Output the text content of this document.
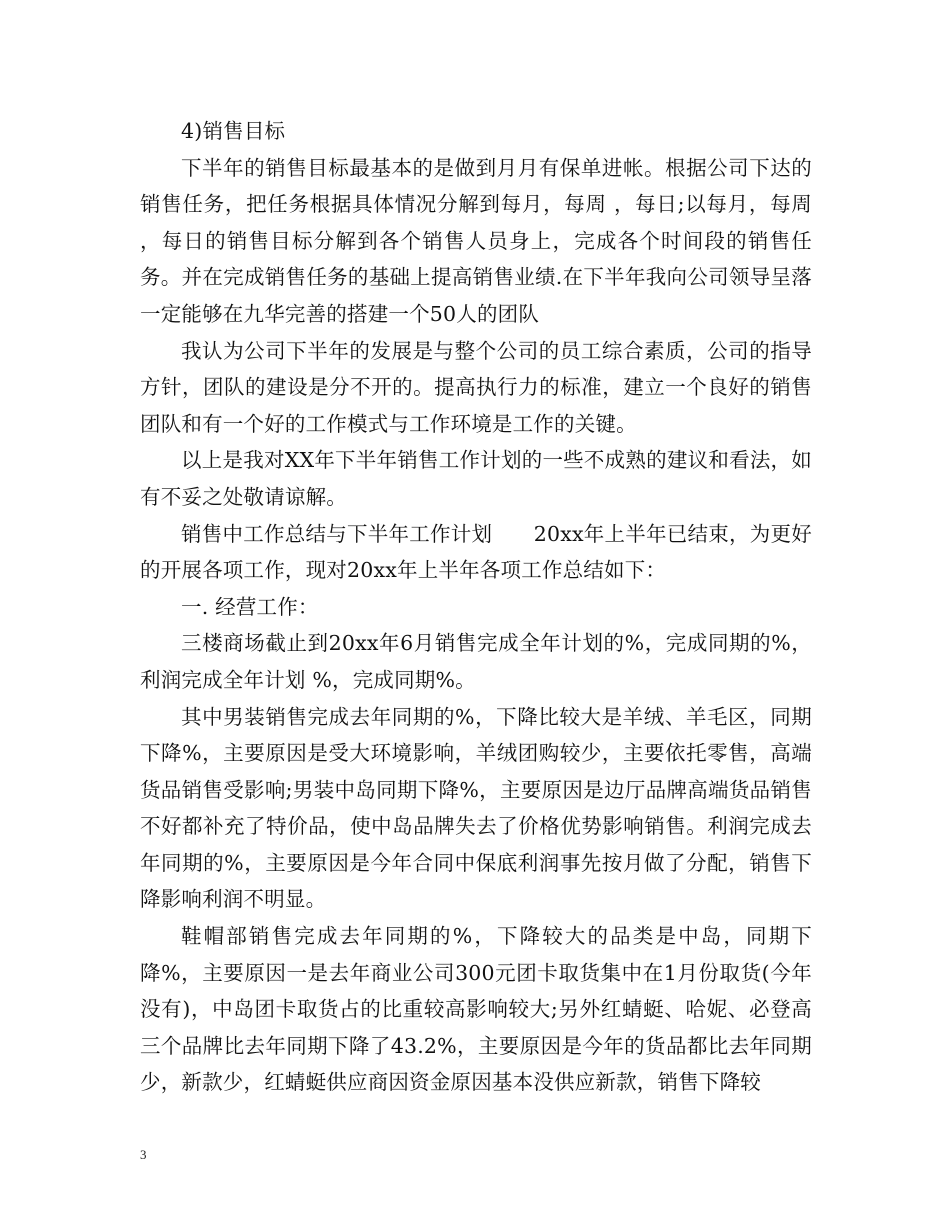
4)销售目标

下半年的销售目标最基本的是做到月月有保单进帐。根据公司下达的销售任务，把任务根据具体情况分解到每月，每周 ，每日;以每月，每周 ，每日的销售目标分解到各个销售人员身上，完成各个时间段的销售任务。并在完成销售任务的基础上提高销售业绩.在下半年我向公司领导呈落一定能够在九华完善的搭建一个50人的团队

我认为公司下半年的发展是与整个公司的员工综合素质，公司的指导方针，团队的建设是分不开的。提高执行力的标准，建立一个良好的销售团队和有一个好的工作模式与工作环境是工作的关键。

以上是我对XX年下半年销售工作计划的一些不成熟的建议和看法，如有不妥之处敬请谅解。

销售中工作总结与下半年工作计划　　20xx年上半年已结束，为更好的开展各项工作，现对20xx年上半年各项工作总结如下：

一. 经营工作：

三楼商场截止到20xx年6月销售完成全年计划的%，完成同期的%，利润完成全年计划 %，完成同期%。

其中男装销售完成去年同期的%，下降比较大是羊绒、羊毛区，同期下降%，主要原因是受大环境影响，羊绒团购较少，主要依托零售，高端货品销售受影响;男装中岛同期下降%，主要原因是边厅品牌高端货品销售不好都补充了特价品，使中岛品牌失去了价格优势影响销售。利润完成去年同期的%，主要原因是今年合同中保底利润事先按月做了分配，销售下降影响利润不明显。

鞋帽部销售完成去年同期的%，下降较大的品类是中岛，同期下降%，主要原因一是去年商业公司300元团卡取货集中在1月份取货(今年没有)，中岛团卡取货占的比重较高影响较大;另外红蜻蜓、哈妮、必登高三个品牌比去年同期下降了43.2%，主要原因是今年的货品都比去年同期少，新款少，红蜻蜓供应商因资金原因基本没供应新款，销售下降较

3
